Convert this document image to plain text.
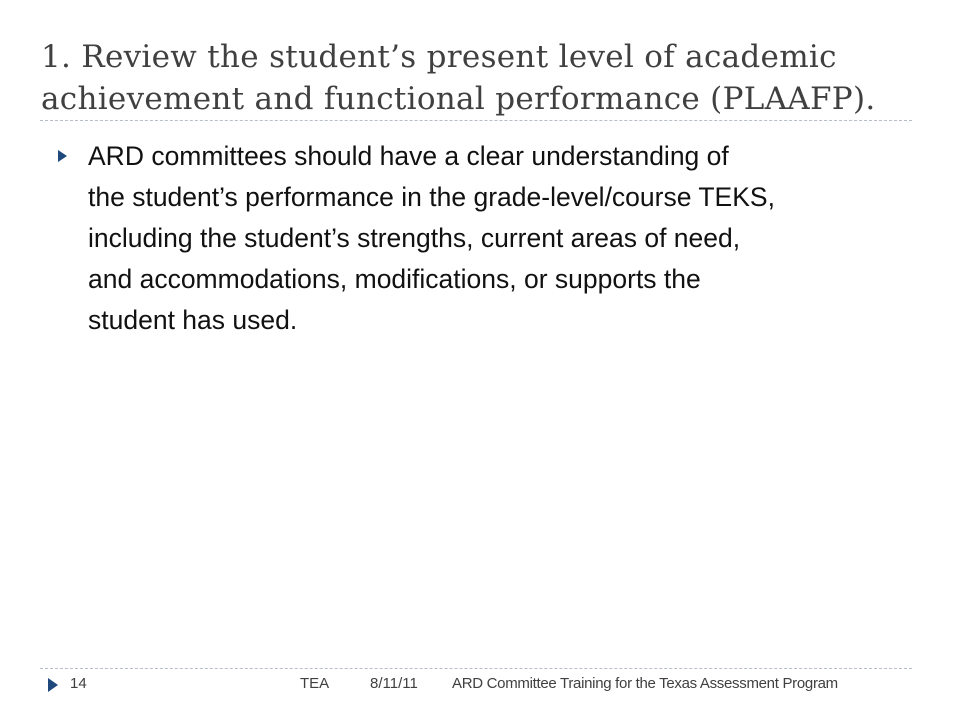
1. Review the student’s present level of academic
achievement and functional performance (PLAAFP).
ARD committees should have a clear understanding of
the student’s performance in the grade-level/course TEKS,
including the student’s strengths, current areas of need,
and accommodations, modifications, or supports the
student has used.
14	TEA	8/11/11 ARD Committee Training for the Texas Assessment Program
